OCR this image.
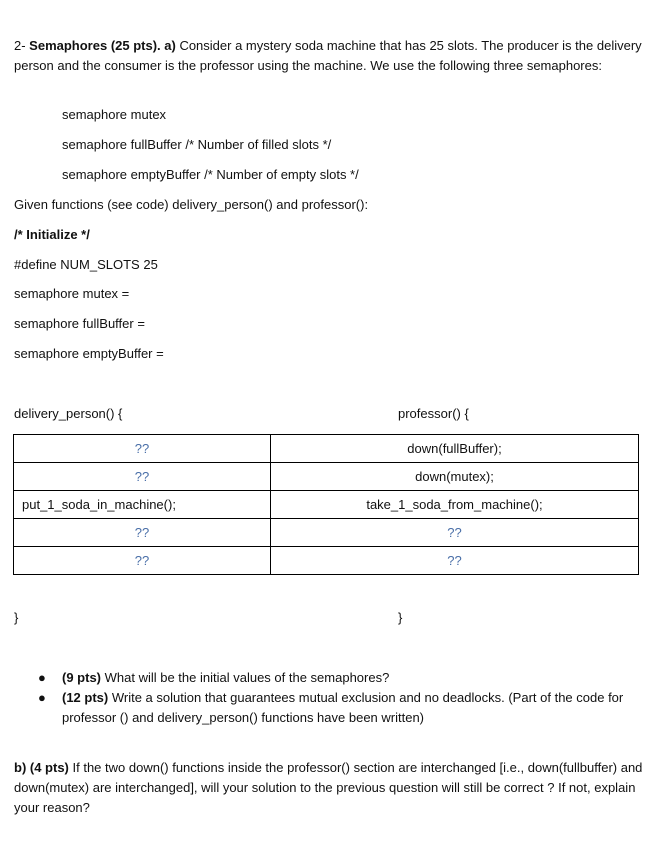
2- Semaphores (25 pts). a) Consider a mystery soda machine that has 25 slots. The producer is the delivery person and the consumer is the professor using the machine. We use the following three semaphores:
semaphore mutex
semaphore fullBuffer /* Number of filled slots */
semaphore emptyBuffer /* Number of empty slots */
Given functions (see code) delivery_person() and professor():
/* Initialize */
#define NUM_SLOTS 25
semaphore mutex =
semaphore fullBuffer =
semaphore emptyBuffer =
delivery_person() {	professor() {
??	down(fullBuffer);
??	down(mutex);
put_1_soda_in_machine();	take_1_soda_from_machine();
??	??
??	??
}	}
● (9 pts) What will be the initial values of the semaphores?
● (12 pts) Write a solution that guarantees mutual exclusion and no deadlocks. (Part of the code for professor () and delivery_person() functions have been written)
b) (4 pts) If the two down() functions inside the professor() section are interchanged [i.e., down(fullbuffer) and down(mutex) are interchanged], will your solution to the previous question will still be correct ? If not, explain your reason?
